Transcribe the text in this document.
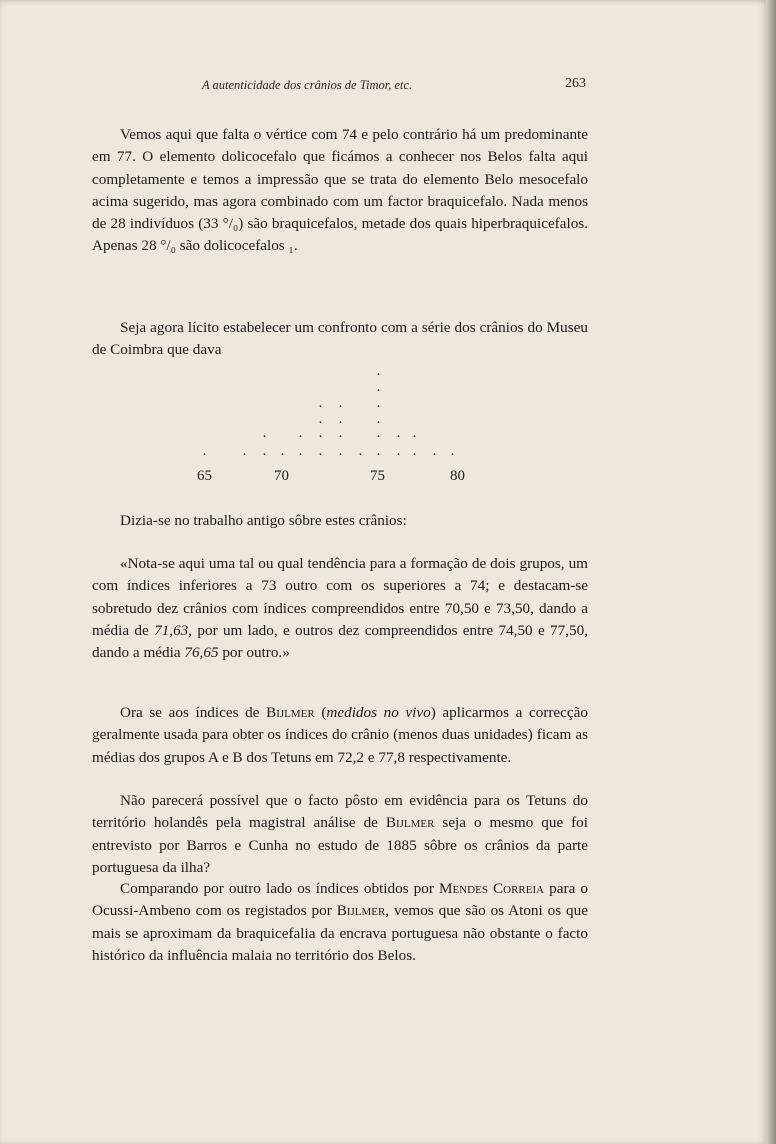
A autenticidade dos crânios de Timor, etc.	263

Vemos aqui que falta o vértice com 74 e pelo contrário há um predominante em 77. O elemento dolicocefalo que ficámos a conhecer nos Belos falta aqui completamente e temos a impressão que se trata do elemento Belo mesocefalo acima sugerido, mas agora combinado com um factor braquicefalo. Nada menos de 28 indivíduos (33 °/₀) são braquicefalos, metade dos quais hiperbraquicefalos. Apenas 28 °/₀ são dolicocefalos ₁.

Seja agora lícito estabelecer um confronto com a série dos crânios do Museu de Coimbra que dava

·
·
· · ·
· · ·
· · · · · · ·
· · · · · · · · · · · · ·
65	70	75	80

Dizia-se no trabalho antigo sôbre estes crânios:

«Nota-se aqui uma tal ou qual tendência para a formação de dois grupos, um com índices inferiores a 73 outro com os superiores a 74; e destacam-se sobretudo dez crânios com índices compreendidos entre 70,50 e 73,50, dando a média de 71,63, por um lado, e outros dez compreendidos entre 74,50 e 77,50, dando a média 76,65 por outro.»

Ora se aos índices de Bijlmer (medidos no vivo) aplicarmos a correcção geralmente usada para obter os índices do crânio (menos duas unidades) ficam as médias dos grupos A e B dos Tetuns em 72,2 e 77,8 respectivamente.

Não parecerá possível que o facto pôsto em evidência para os Tetuns do território holandês pela magistral análise de Bijlmer seja o mesmo que foi entrevisto por Barros e Cunha no estudo de 1885 sôbre os crânios da parte portuguesa da ilha?

Comparando por outro lado os índices obtidos por Mendes Correia para o Ocussi-Ambeno com os registados por Bijlmer, vemos que são os Atoni os que mais se aproximam da braquicefalia da encrava portuguesa não obstante o facto histórico da influência malaia no território dos Belos.
